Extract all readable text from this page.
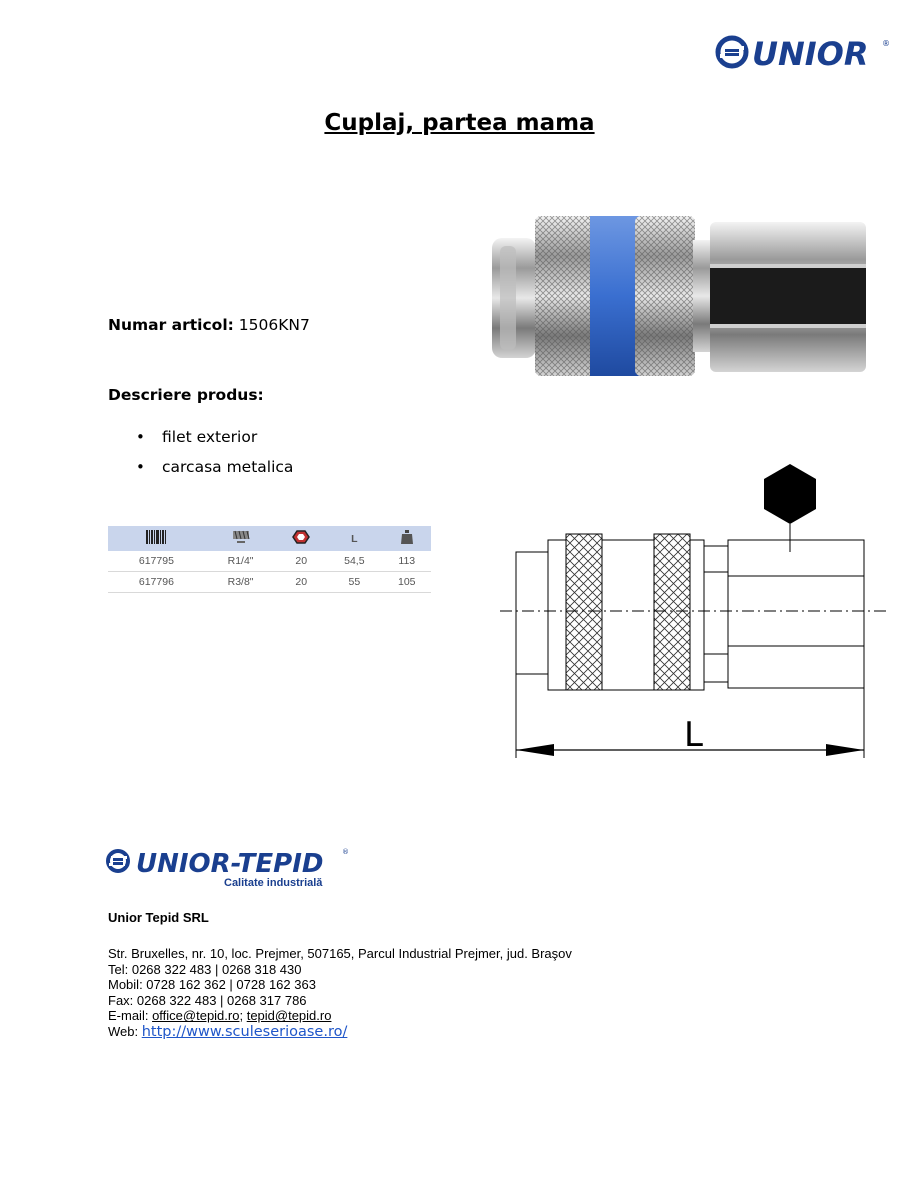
UNIOR ®
Cuplaj, partea mama
Numar articol: 1506KN7
Descriere produs:
• filet exterior
• carcasa metalica
			L	
617795	R1/4"	20	54,5	113
617796	R3/8"	20	55	105
L
UNIOR-TEPID
Calitate industrială
®
Unior Tepid SRL
Str. Bruxelles, nr. 10, loc. Prejmer, 507165, Parcul Industrial Prejmer, jud. Braşov
Tel: 0268 322 483 | 0268 318 430
Mobil: 0728 162 362 | 0728 162 363
Fax: 0268 322 483 | 0268 317 786
E-mail: office@tepid.ro; tepid@tepid.ro
Web: http://www.sculeserioase.ro/
